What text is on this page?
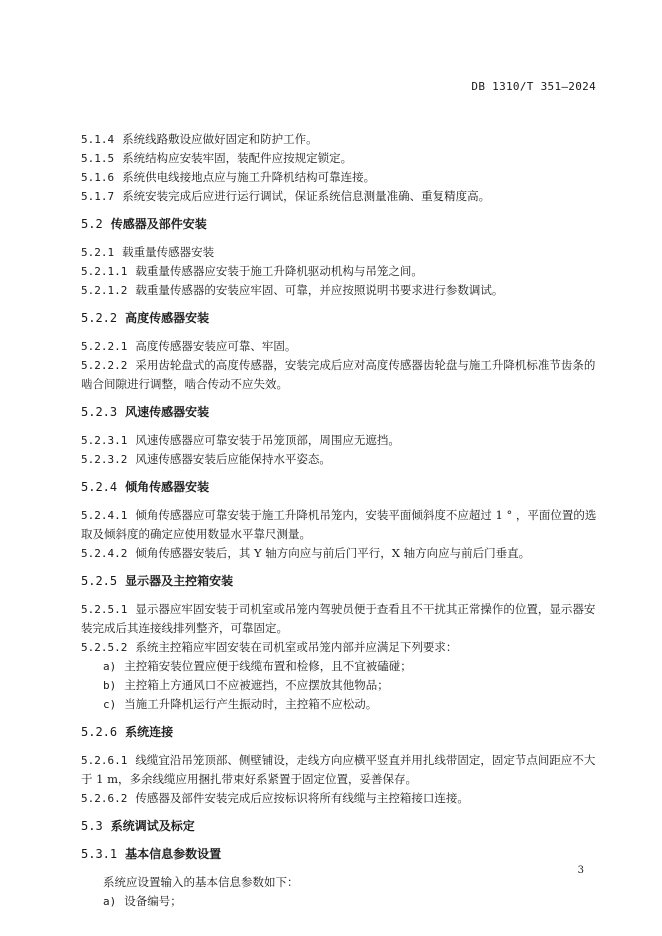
DB 1310/T 351—2024
5.1.4 系统线路敷设应做好固定和防护工作。
5.1.5 系统结构应安装牢固，装配件应按规定锁定。
5.1.6 系统供电线接地点应与施工升降机结构可靠连接。
5.1.7 系统安装完成后应进行运行调试，保证系统信息测量准确、重复精度高。
5.2 传感器及部件安装
5.2.1 载重量传感器安装
5.2.1.1 载重量传感器应安装于施工升降机驱动机构与吊笼之间。
5.2.1.2 载重量传感器的安装应牢固、可靠，并应按照说明书要求进行参数调试。
5.2.2 高度传感器安装
5.2.2.1 高度传感器安装应可靠、牢固。
5.2.2.2 采用齿轮盘式的高度传感器，安装完成后应对高度传感器齿轮盘与施工升降机标准节齿条的
啮合间隙进行调整，啮合传动不应失效。
5.2.3 风速传感器安装
5.2.3.1 风速传感器应可靠安装于吊笼顶部，周围应无遮挡。
5.2.3.2 风速传感器安装后应能保持水平姿态。
5.2.4 倾角传感器安装
5.2.4.1 倾角传感器应可靠安装于施工升降机吊笼内，安装平面倾斜度不应超过 1 ° ，平面位置的选
取及倾斜度的确定应使用数显水平靠尺测量。
5.2.4.2 倾角传感器安装后，其 Y 轴方向应与前后门平行，X 轴方向应与前后门垂直。
5.2.5 显示器及主控箱安装
5.2.5.1 显示器应牢固安装于司机室或吊笼内驾驶员便于查看且不干扰其正常操作的位置，显示器安
装完成后其连接线排列整齐，可靠固定。
5.2.5.2 系统主控箱应牢固安装在司机室或吊笼内部并应满足下列要求：
a) 主控箱安装位置应便于线缆布置和检修，且不宜被磕碰；
b) 主控箱上方通风口不应被遮挡，不应摆放其他物品；
c) 当施工升降机运行产生振动时，主控箱不应松动。
5.2.6 系统连接
5.2.6.1 线缆宜沿吊笼顶部、侧壁铺设，走线方向应横平竖直并用扎线带固定，固定节点间距应不大
于 1 m，多余线缆应用捆扎带束好系紧置于固定位置，妥善保存。
5.2.6.2 传感器及部件安装完成后应按标识将所有线缆与主控箱接口连接。
5.3 系统调试及标定
5.3.1 基本信息参数设置
系统应设置输入的基本信息参数如下：
a) 设备编号；
3
